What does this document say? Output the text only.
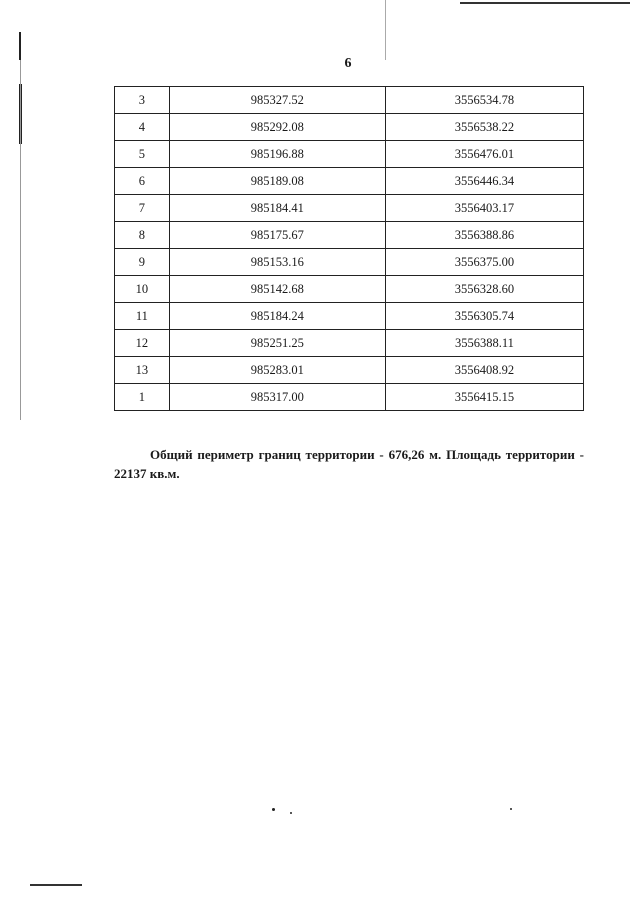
6
3	985327.52	3556534.78
4	985292.08	3556538.22
5	985196.88	3556476.01
6	985189.08	3556446.34
7	985184.41	3556403.17
8	985175.67	3556388.86
9	985153.16	3556375.00
10	985142.68	3556328.60
11	985184.24	3556305.74
12	985251.25	3556388.11
13	985283.01	3556408.92
1	985317.00	3556415.15

Общий периметр границ территории - 676,26 м. Площадь территории - 22137 кв.м.
